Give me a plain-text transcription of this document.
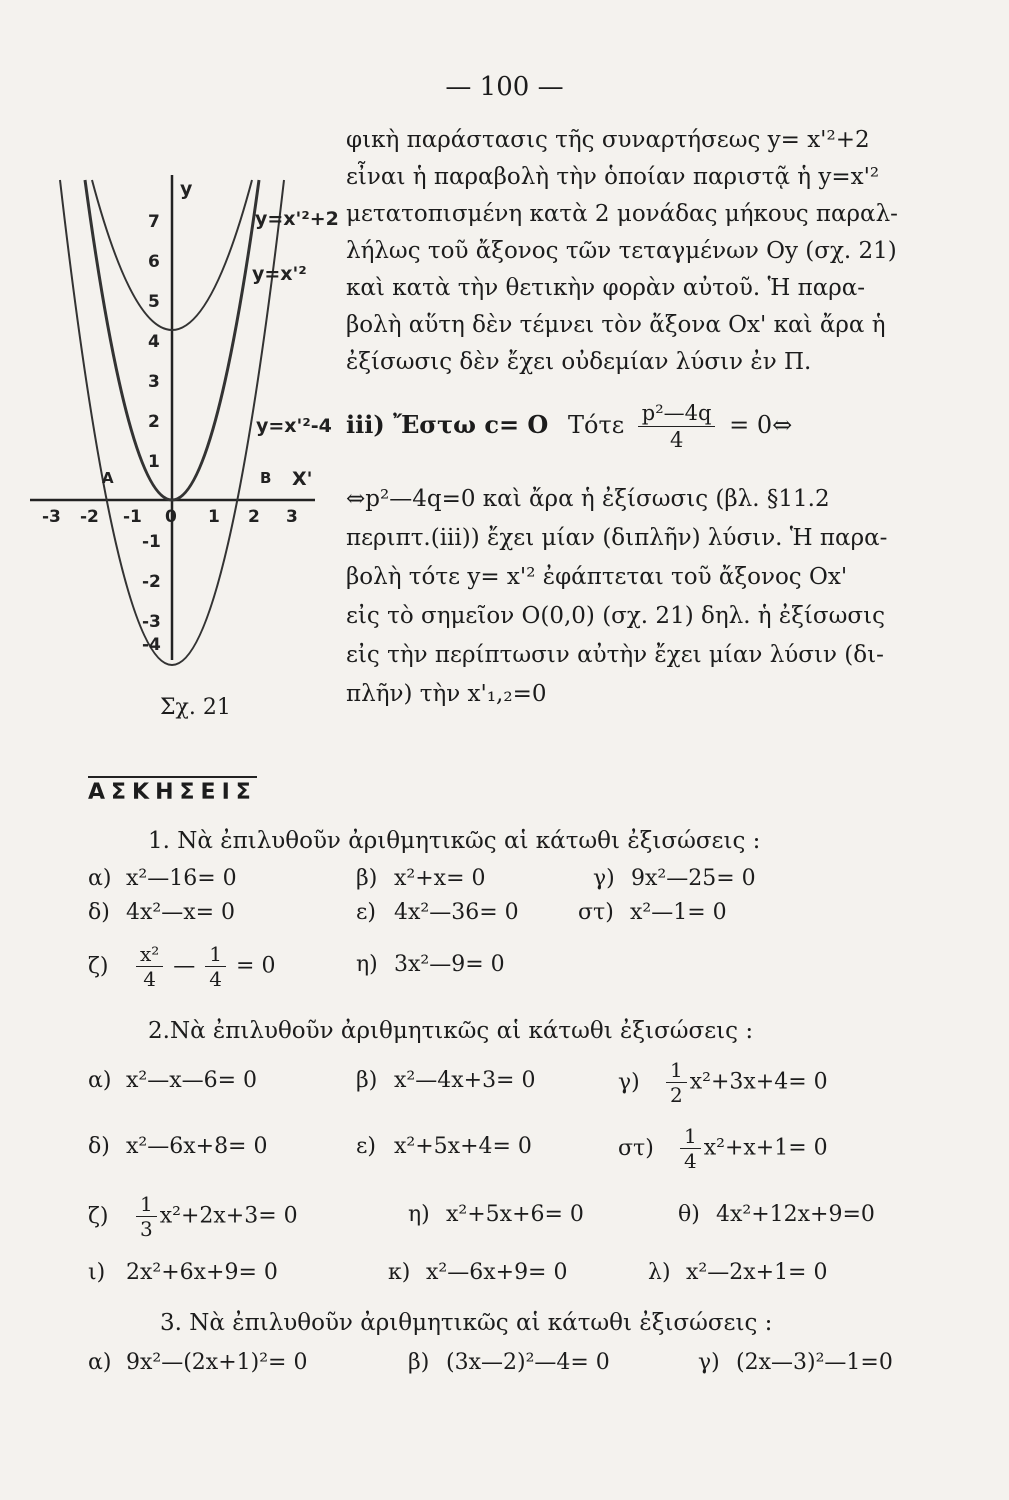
— 100 —
7
6
5
4
3
2
1
-1
-2
-3
-4
-3 -2 -1 0 1 2 3
y
X'
A	B
y=x'²+2
y=x'²
y=x'²-4
Σχ. 21

φικὴ παράστασις τῆς συναρτήσεως y= x'²+2

εἶναι ἡ παραβολὴ τὴν ὁποίαν παριστᾷ ἡ y=x'²

μετατοπισμένη κατὰ 2 μονάδας μήκους παραλ-

λήλως τοῦ ἄξονος τῶν τεταγμένων Oy (σχ. 21)

καὶ κατὰ τὴν θετικὴν φορὰν αὐτοῦ. Ἡ παρα-

βολὴ αὕτη δὲν τέμνει τὸν ἄξονα Ox' καὶ ἄρα ἡ

ἐξίσωσις δὲν ἔχει οὐδεμίαν λύσιν ἐν Π.

iii) Ἔστω c= O Τότε $\frac{\text{p²—4q}}{4}$ = 0⇔
⇔p²—4q=0 καὶ ἄρα ἡ ἐξίσωσις (βλ. §11.2
περιπτ.(iii)) ἔχει μίαν (διπλῆν) λύσιν. Ἡ παρα-
βολὴ τότε y= x'² ἐφάπτεται τοῦ ἄξονος Ox'
εἰς τὸ σημεῖον O(0,0) (σχ. 21) δηλ. ἡ ἐξίσωσις
εἰς τὴν περίπτωσιν αὐτὴν ἔχει μίαν λύσιν (δι-
πλῆν) τὴν x'₁,₂=0
ΑΣΚΗΣΕΙΣ
1. Νὰ ἐπιλυθοῦν ἀριθμητικῶς αἱ κάτωθι ἐξισώσεις :
α) x²—16= 0	β) x²+x= 0	γ) 9x²—25= 0
δ) 4x²—x= 0	ε) 4x²—36= 0	στ) x²—1= 0
$\zeta) \frac{\text{x²}}{4}$ — $\frac{1}{4} = 0$	η) 3x²—9= 0
2.Νὰ ἐπιλυθοῦν ἀριθμητικῶς αἱ κάτωθι ἐξισώσεις :
α) x²—x—6= 0	β) x²—4x+3= 0	$\gamma) \frac{1}{2} x^2+3x+4= 0$
δ) x²—6x+8= 0	ε) x²+5x+4= 0	$\sigma\tau) \frac{1}{4} x^2+x+1= 0$
$\zeta) \frac{1}{3} x^2+2x+3= 0$	η) x²+5x+6= 0	θ) 4x²+12x+9=0
ι) 2x²+6x+9= 0	κ) x²—6x+9= 0	λ) x²—2x+1= 0
3. Νὰ ἐπιλυθοῦν ἀριθμητικῶς αἱ κάτωθι ἐξισώσεις :
α) 9x²—(2x+1)²= 0	β) (3x—2)²—4= 0	γ) (2x—3)²—1=0
